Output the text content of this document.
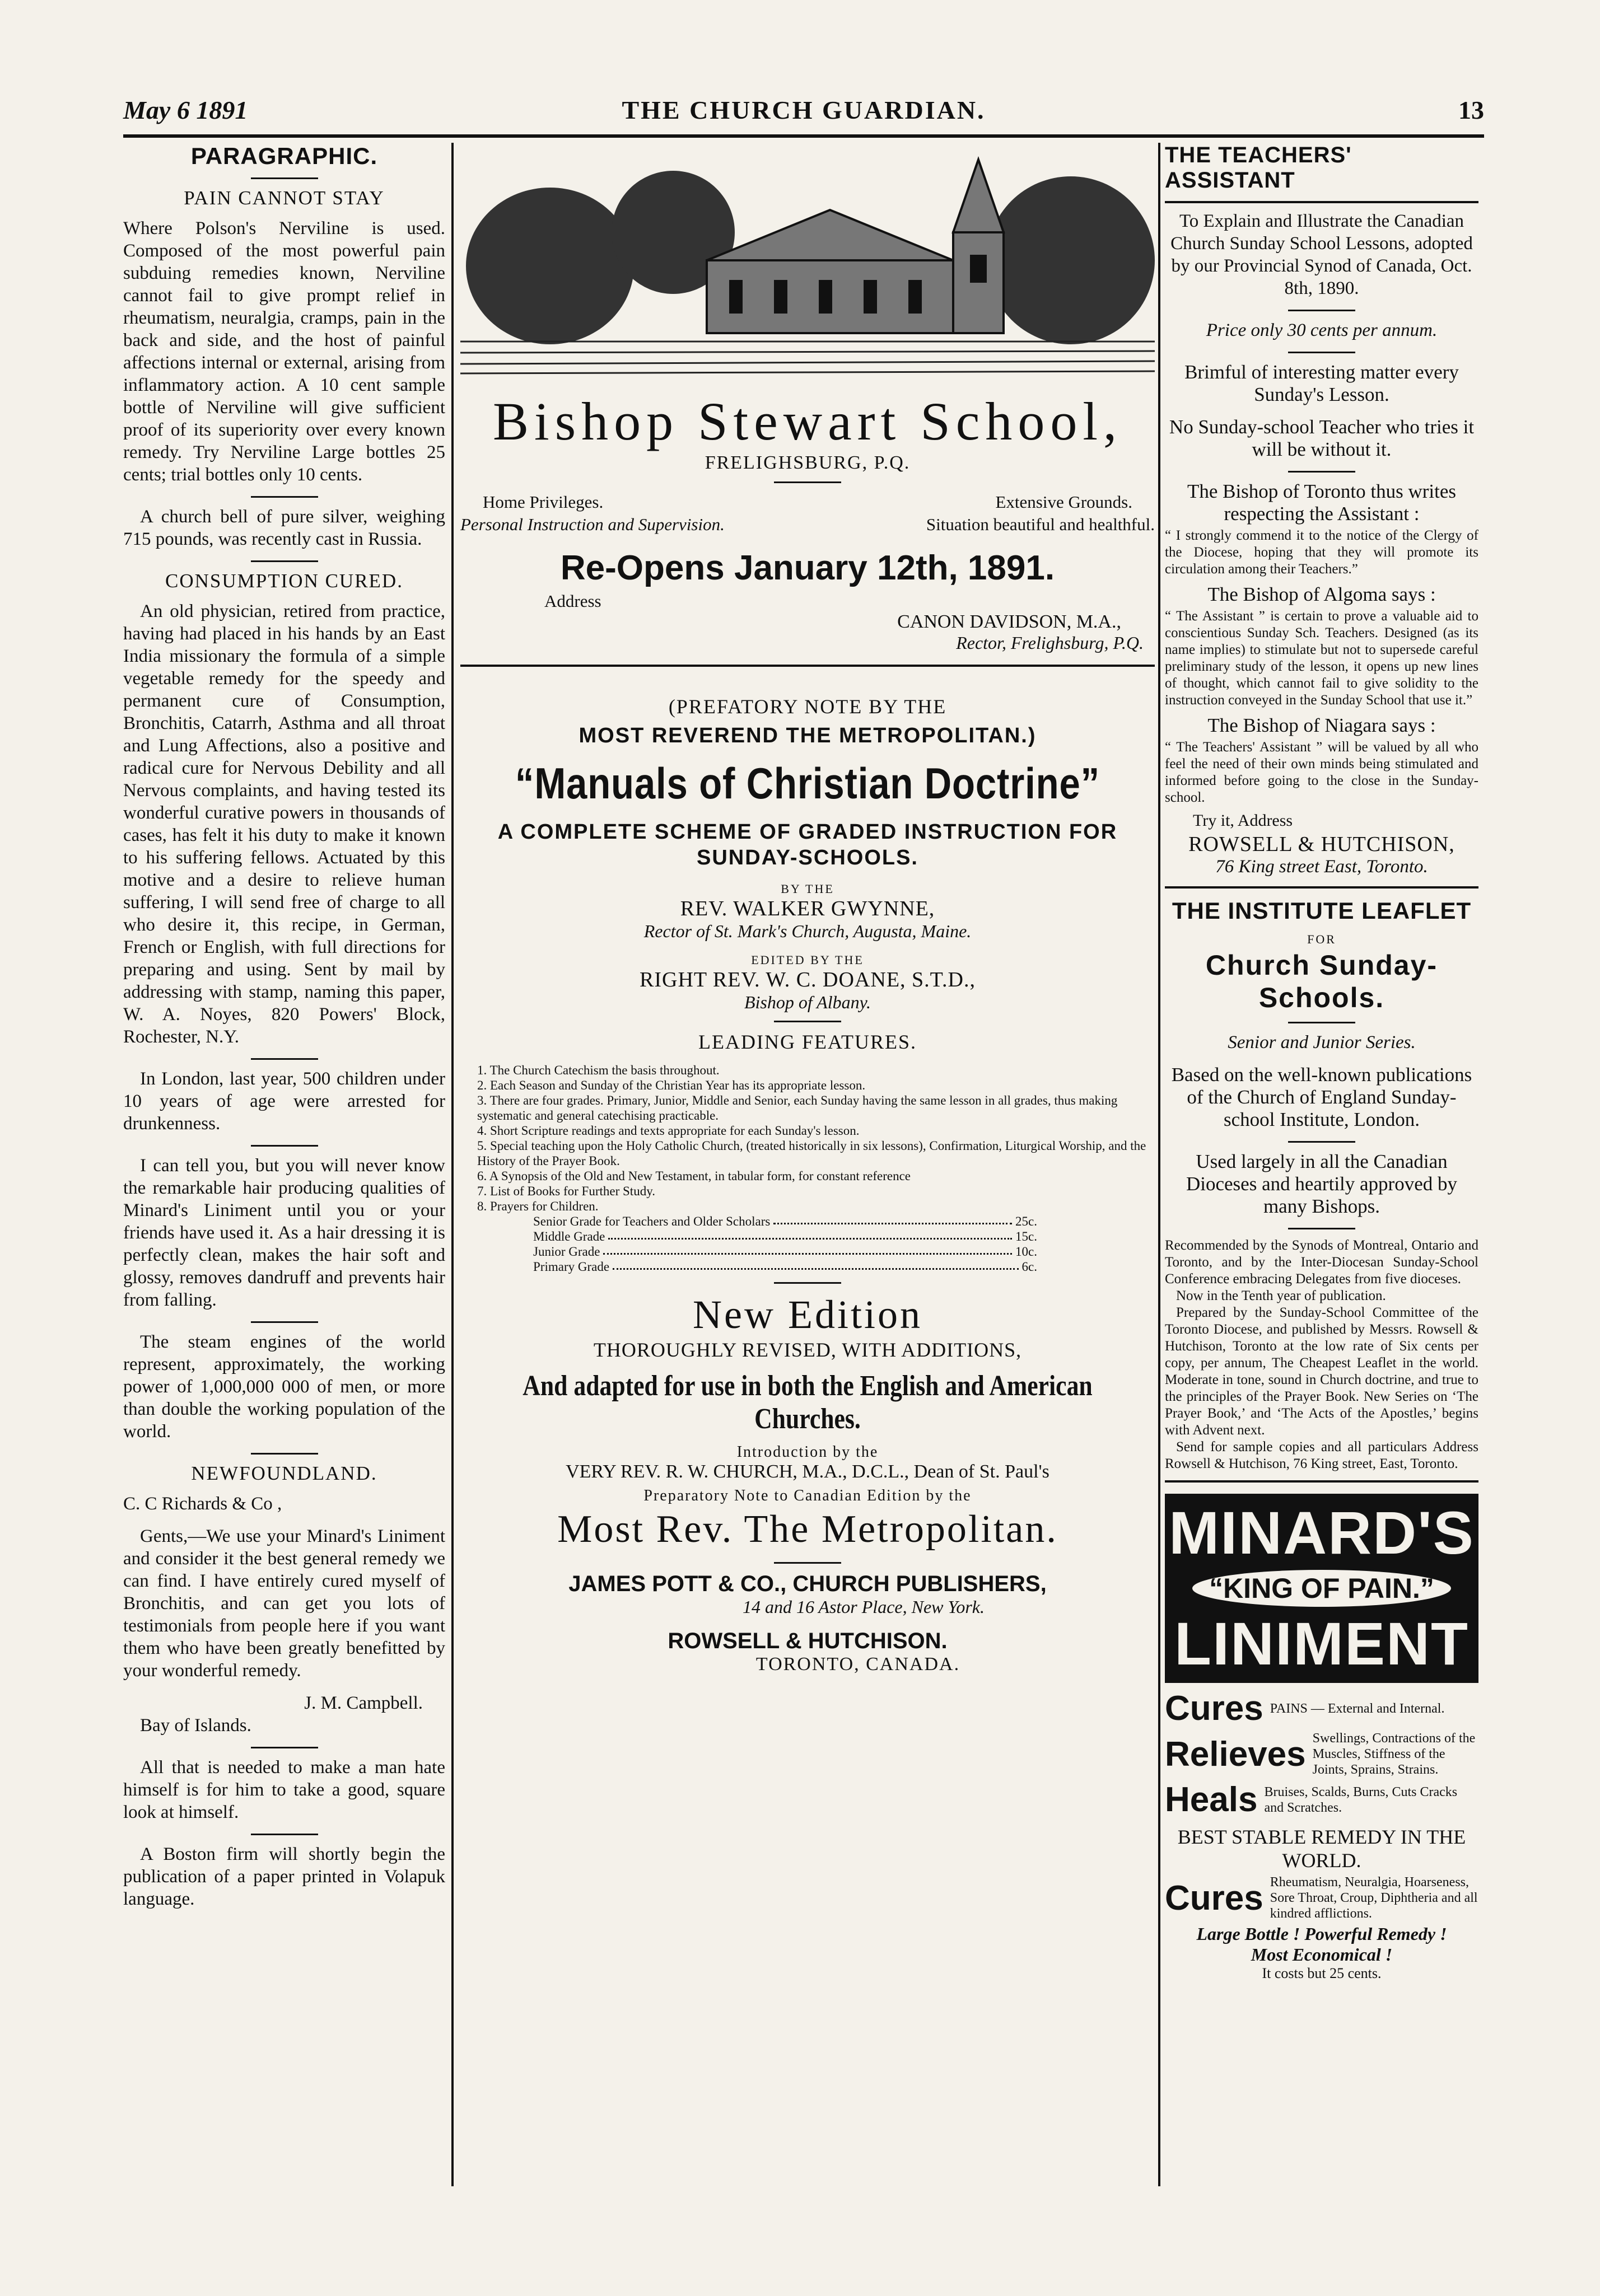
May 6 1891	THE CHURCH GUARDIAN.	13
PARAGRAPHIC.
PAIN CANNOT STAY

Where Polson's Nerviline is used. Composed of the most powerful pain subduing remedies known, Nerviline cannot fail to give prompt relief in rheumatism, neuralgia, cramps, pain in the back and side, and the host of painful affections internal or external, arising from inflammatory action. A 10 cent sample bottle of Nerviline will give sufficient proof of its superiority over every known remedy. Try Nerviline Large bottles 25 cents; trial bottles only 10 cents.

A church bell of pure silver, weighing 715 pounds, was recently cast in Russia.

CONSUMPTION CURED.

An old physician, retired from practice, having had placed in his hands by an East India missionary the formula of a simple vegetable remedy for the speedy and permanent cure of Consumption, Bronchitis, Catarrh, Asthma and all throat and Lung Affections, also a positive and radical cure for Nervous Debility and all Nervous complaints, and having tested its wonderful curative powers in thousands of cases, has felt it his duty to make it known to his suffering fellows. Actuated by this motive and a desire to relieve human suffering, I will send free of charge to all who desire it, this recipe, in German, French or English, with full directions for preparing and using. Sent by mail by addressing with stamp, naming this paper, W. A. Noyes, 820 Powers' Block, Rochester, N.Y.

In London, last year, 500 children under 10 years of age were arrested for drunkenness.

I can tell you, but you will never know the remarkable hair producing qualities of Minard's Liniment until you or your friends have used it. As a hair dressing it is perfectly clean, makes the hair soft and glossy, removes dandruff and prevents hair from falling.

The steam engines of the world represent, approximately, the working power of 1,000,000 000 of men, or more than double the working population of the world.

NEWFOUNDLAND.

C. C Richards & Co ,

Gents,—We use your Minard's Liniment and consider it the best general remedy we can find. I have entirely cured myself of Bronchitis, and can get you lots of testimonials from people here if you want them who have been greatly benefitted by your wonderful remedy.

J. M. Campbell.

Bay of Islands.

All that is needed to make a man hate himself is for him to take a good, square look at himself.

A Boston firm will shortly begin the publication of a paper printed in Volapuk language.

Bishop Stewart School,
FRELIGHSBURG, P.Q.
Home Privileges.	Extensive Grounds.
Personal Instruction and Supervision.	Situation beautiful and healthful.
Re-Opens January 12th, 1891.
Address
CANON DAVIDSON, M.A.,
Rector, Frelighsburg, P.Q.
(PREFATORY NOTE BY THE
MOST REVEREND THE METROPOLITAN.)
“Manuals of Christian Doctrine”
A COMPLETE SCHEME OF GRADED INSTRUCTION FOR SUNDAY-SCHOOLS.
BY THE
REV. WALKER GWYNNE,
Rector of St. Mark's Church, Augusta, Maine.
EDITED BY THE
RIGHT REV. W. C. DOANE, S.T.D.,
Bishop of Albany.
LEADING FEATURES.
1. The Church Catechism the basis throughout.
2. Each Season and Sunday of the Christian Year has its appropriate lesson.
3. There are four grades. Primary, Junior, Middle and Senior, each Sunday having the same lesson in all grades, thus making systematic and general catechising practicable.
4. Short Scripture readings and texts appropriate for each Sunday's lesson.
5. Special teaching upon the Holy Catholic Church, (treated historically in six lessons), Confirmation, Liturgical Worship, and the History of the Prayer Book.
6. A Synopsis of the Old and New Testament, in tabular form, for constant reference
7. List of Books for Further Study.
8. Prayers for Children.
Senior Grade for Teachers and Older Scholars	25c.
Middle Grade	15c.
Junior Grade	10c.
Primary Grade	6c.
New Edition
THOROUGHLY REVISED, WITH ADDITIONS,
And adapted for use in both the English and American Churches.
Introduction by the
VERY REV. R. W. CHURCH, M.A., D.C.L., Dean of St. Paul's
Preparatory Note to Canadian Edition by the
Most Rev. The Metropolitan.
JAMES POTT & CO., CHURCH PUBLISHERS,
14 and 16 Astor Place, New York.
ROWSELL & HUTCHISON.
TORONTO, CANADA.
THE TEACHERS' ASSISTANT

To Explain and Illustrate the Canadian Church Sunday School Lessons, adopted by our Provincial Synod of Canada, Oct. 8th, 1890.

Price only 30 cents per annum.

Brimful of interesting matter every Sunday's Lesson.

No Sunday-school Teacher who tries it will be without it.

The Bishop of Toronto thus writes respecting the Assistant :

“ I strongly commend it to the notice of the Clergy of the Diocese, hoping that they will promote its circulation among their Teachers.”

The Bishop of Algoma says :

“ The Assistant ” is certain to prove a valuable aid to conscientious Sunday Sch. Teachers. Designed (as its name implies) to stimulate but not to supersede careful preliminary study of the lesson, it opens up new lines of thought, which cannot fail to give solidity to the instruction conveyed in the Sunday School that use it.”

The Bishop of Niagara says :

“ The Teachers' Assistant ” will be valued by all who feel the need of their own minds being stimulated and informed before going to the close in the Sunday-school.

Try it, Address

ROWSELL & HUTCHISON,
76 King street East, Toronto.
THE INSTITUTE LEAFLET
FOR
Church Sunday-Schools.

Senior and Junior Series.

Based on the well-known publications of the Church of England Sunday-school Institute, London.

Used largely in all the Canadian Dioceses and heartily approved by many Bishops.

Recommended by the Synods of Montreal, Ontario and Toronto, and by the Inter-Diocesan Sunday-School Conference embracing Delegates from five dioceses.

Now in the Tenth year of publication.

Prepared by the Sunday-School Committee of the Toronto Diocese, and published by Messrs. Rowsell & Hutchison, Toronto at the low rate of Six cents per copy, per annum, The Cheapest Leaflet in the world. Moderate in tone, sound in Church doctrine, and true to the principles of the Prayer Book. New Series on ‘The Prayer Book,’ and ‘The Acts of the Apostles,’ begins with Advent next.

Send for sample copies and all particulars Address Rowsell & Hutchison, 76 King street, East, Toronto.

MINARD'S
“KING OF PAIN.”
LINIMENT
Cures PAINS — External and Internal.
Relieves Swellings, Contractions of the Muscles, Stiffness of the Joints, Sprains, Strains.
Heals Bruises, Scalds, Burns, Cuts Cracks and Scratches.
BEST STABLE REMEDY IN THE WORLD.
Cures Rheumatism, Neuralgia, Hoarseness, Sore Throat, Croup, Diphtheria and all kindred afflictions.
Large Bottle ! Powerful Remedy !
Most Economical !
It costs but 25 cents.
